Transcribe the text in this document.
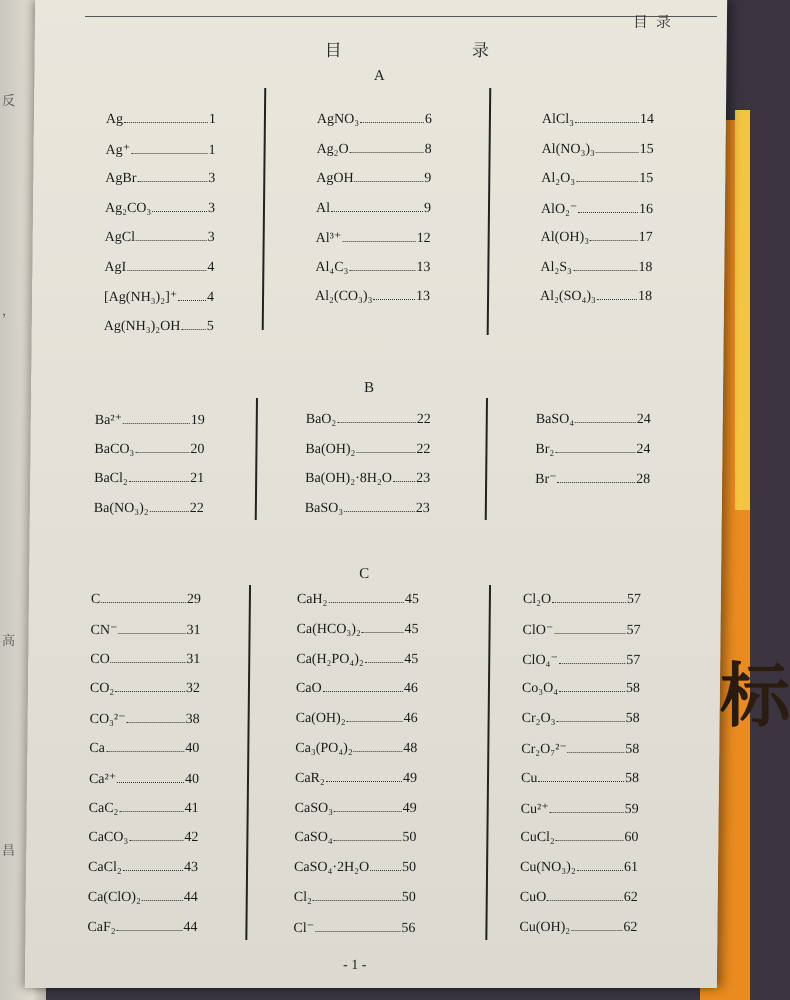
反
，
高
昌
标
目录
目	录
A
Ag	1
Ag⁺	1
AgBr	3
Ag₂CO₃	3
AgCl	3
AgI	4
[Ag(NH₃)₂]⁺ 4
Ag(NH₃)₂OH 5
AgNO₃	6
Ag₂O	8
AgOH	9
Al	9
Al³⁺	12
Al₄C₃	13
Al₂(CO₃)₃	13
AlCl₃	14
Al(NO₃)₃	15
Al₂O₃	15
AlO₂⁻	16
Al(OH)₃	17
Al₂S₃	18
Al₂(SO₄)₃	18
B
Ba²⁺	19
BaCO₃	20
BaCl₂	21
Ba(NO₃)₂	22
BaO₂	22
Ba(OH)₂	22
Ba(OH)₂·8H₂O 23
BaSO₃	23
BaSO₄	24
Br₂	24
Br⁻	28
C
C	29
CN⁻	31
CO	31
CO₂	32
CO₃²⁻	38
Ca	40
Ca²⁺	40
CaC₂	41
CaCO₃	42
CaCl₂	43
Ca(ClO)₂	44
CaF₂	44
CaH₂	45
Ca(HCO₃)₂	45
Ca(H₂PO₄)₂	45
CaO	46
Ca(OH)₂	46
Ca₃(PO₄)₂	48
CaR₂	49
CaSO₃	49
CaSO₄	50
CaSO₄·2H₂O 50
Cl₂	50
Cl⁻	56
Cl₂O	57
ClO⁻	57
ClO₄⁻	57
Co₃O₄	58
Cr₂O₃	58
Cr₂O₇²⁻	58
Cu	58
Cu²⁺	59
CuCl₂	60
Cu(NO₃)₂	61
CuO	62
Cu(OH)₂	62
- 1 -
